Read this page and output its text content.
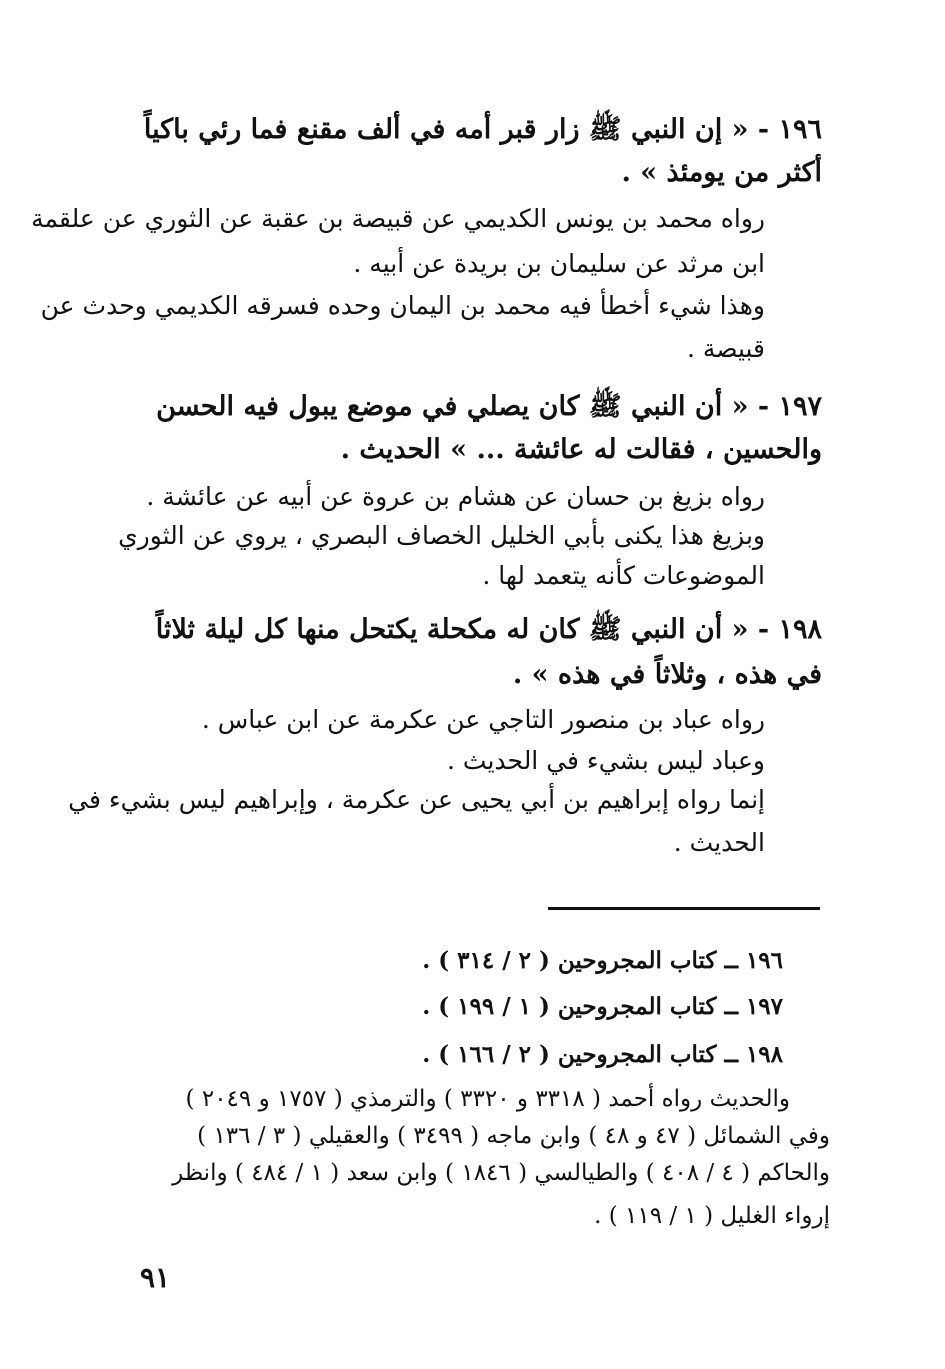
١٩٦ - « إن النبي ﷺ زار قبر أمه في ألف مقنع فما رئي باكياً
أكثر من يومئذ » .
رواه محمد بن يونس الكديمي عن قبيصة بن عقبة عن الثوري عن علقمة
ابن مرثد عن سليمان بن بريدة عن أبيه .
وهذا شيء أخطأ فيه محمد بن اليمان وحده فسرقه الكديمي وحدث عن
قبيصة .
١٩٧ - « أن النبي ﷺ كان يصلي في موضع يبول فيه الحسن
والحسين ، فقالت له عائشة ... » الحديث .
رواه بزيغ بن حسان عن هشام بن عروة عن أبيه عن عائشة .
وبزيغ هذا يكنى بأبي الخليل الخصاف البصري ، يروي عن الثوري
الموضوعات كأنه يتعمد لها .
١٩٨ - « أن النبي ﷺ كان له مكحلة يكتحل منها كل ليلة ثلاثاً
في هذه ، وثلاثاً في هذه » .
رواه عباد بن منصور التاجي عن عكرمة عن ابن عباس .
وعباد ليس بشيء في الحديث .
إنما رواه إبراهيم بن أبي يحيى عن عكرمة ، وإبراهيم ليس بشيء في
الحديث .
١٩٦ ــ كتاب المجروحين ( ٢ / ٣١٤ ) .
١٩٧ ــ كتاب المجروحين ( ١ / ١٩٩ ) .
١٩٨ ــ كتاب المجروحين ( ٢ / ١٦٦ ) .
والحديث رواه أحمد ( ٣٣١٨ و ٣٣٢٠ ) والترمذي ( ١٧٥٧ و ٢٠٤٩ )
وفي الشمائل ( ٤٧ و ٤٨ ) وابن ماجه ( ٣٤٩٩ ) والعقيلي ( ٣ / ١٣٦ )
والحاكم ( ٤ / ٤٠٨ ) والطيالسي ( ١٨٤٦ ) وابن سعد ( ١ / ٤٨٤ ) وانظر
إرواء الغليل ( ١ / ١١٩ ) .
٩١
